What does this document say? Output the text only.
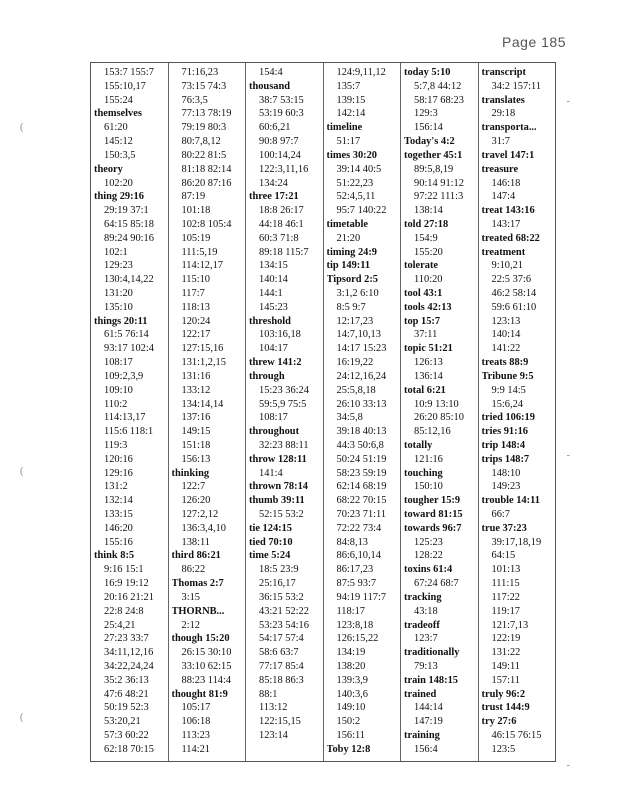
Page 185
(
(
(
-
-
-
153:7 155:7
155:10,17
155:24
themselves
61:20
145:12
150:3,5
theory
102:20
thing 29:16
29:19 37:1
64:15 85:18
89:24 90:16
102:1
129:23
130:4,14,22
131:20
135:10
things 20:11
61:5 76:14
93:17 102:4
108:17
109:2,3,9
109:10
110:2
114:13,17
115:6 118:1
119:3
120:16
129:16
131:2
132:14
133:15
146:20
155:16
think 8:5
9:16 15:1
16:9 19:12
20:16 21:21
22:8 24:8
25:4,21
27:23 33:7
34:11,12,16
34:22,24,24
35:2 36:13
47:6 48:21
50:19 52:3
53:20,21
57:3 60:22
62:18 70:15
71:16,23
73:15 74:3
76:3,5
77:13 78:19
79:19 80:3
80:7,8,12
80:22 81:5
81:18 82:14
86:20 87:16
87:19
101:18
102:8 105:4
105:19
111:5,19
114:12,17
115:10
117:7
118:13
120:24
122:17
127:15,16
131:1,2,15
131:16
133:12
134:14,14
137:16
149:15
151:18
156:13
thinking
122:7
126:20
127:2,12
136:3,4,10
138:11
third 86:21
86:22
Thomas 2:7
3:15
THORNB...
2:12
though 15:20
26:15 30:10
33:10 62:15
88:23 114:4
thought 81:9
105:17
106:18
113:23
114:21
154:4
thousand
38:7 53:15
53:19 60:3
60:6,21
90:8 97:7
100:14,24
122:3,11,16
134:24
three 17:21
18:8 26:17
44:18 46:1
60:3 71:8
89:18 115:7
134:15
140:14
144:1
145:23
threshold
103:16,18
104:17
threw 141:2
through
15:23 36:24
59:5,9 75:5
108:17
throughout
32:23 88:11
throw 128:11
141:4
thrown 78:14
thumb 39:11
52:15 53:2
tie 124:15
tied 70:10
time 5:24
18:5 23:9
25:16,17
36:15 53:2
43:21 52:22
53:23 54:16
54:17 57:4
58:6 63:7
77:17 85:4
85:18 86:3
88:1
113:12
122:15,15
123:14
124:9,11,12
135:7
139:15
142:14
timeline
51:17
times 30:20
39:14 40:5
51:22,23
52:4,5,11
95:7 140:22
timetable
21:20
timing 24:9
tip 149:11
Tipsord 2:5
3:1,2 6:10
8:5 9:7
12:17,23
14:7,10,13
14:17 15:23
16:19,22
24:12,16,24
25:5,8,18
26:10 33:13
34:5,8
39:18 40:13
44:3 50:6,8
50:24 51:19
58:23 59:19
62:14 68:19
68:22 70:15
70:23 71:11
72:22 73:4
84:8,13
86:6,10,14
86:17,23
87:5 93:7
94:19 117:7
118:17
123:8,18
126:15,22
134:19
138:20
139:3,9
140:3,6
149:10
150:2
156:11
Toby 12:8
today 5:10
5:7,8 44:12
58:17 68:23
129:3
156:14
Today's 4:2
together 45:1
89:5,8,19
90:14 91:12
97:22 111:3
138:14
told 27:18
154:9
155:20
tolerate
110:20
tool 43:1
tools 42:13
top 15:7
37:11
topic 51:21
126:13
136:14
total 6:21
10:9 13:10
26:20 85:10
85:12,16
totally
121:16
touching
150:10
tougher 15:9
toward 81:15
towards 96:7
125:23
128:22
toxins 61:4
67:24 68:7
tracking
43:18
tradeoff
123:7
traditionally
79:13
train 148:15
trained
144:14
147:19
training
156:4
transcript
34:2 157:11
translates
29:18
transporta...
31:7
travel 147:1
treasure
146:18
147:4
treat 143:16
143:17
treated 68:22
treatment
9:10,21
22:5 37:6
46:2 58:14
59:6 61:10
123:13
140:14
141:22
treats 88:9
Tribune 9:5
9:9 14:5
15:6,24
tried 106:19
tries 91:16
trip 148:4
trips 148:7
148:10
149:23
trouble 14:11
66:7
true 37:23
39:17,18,19
64:15
101:13
111:15
117:22
119:17
121:7,13
122:19
131:22
149:11
157:11
truly 96:2
trust 144:9
try 27:6
46:15 76:15
123:5
